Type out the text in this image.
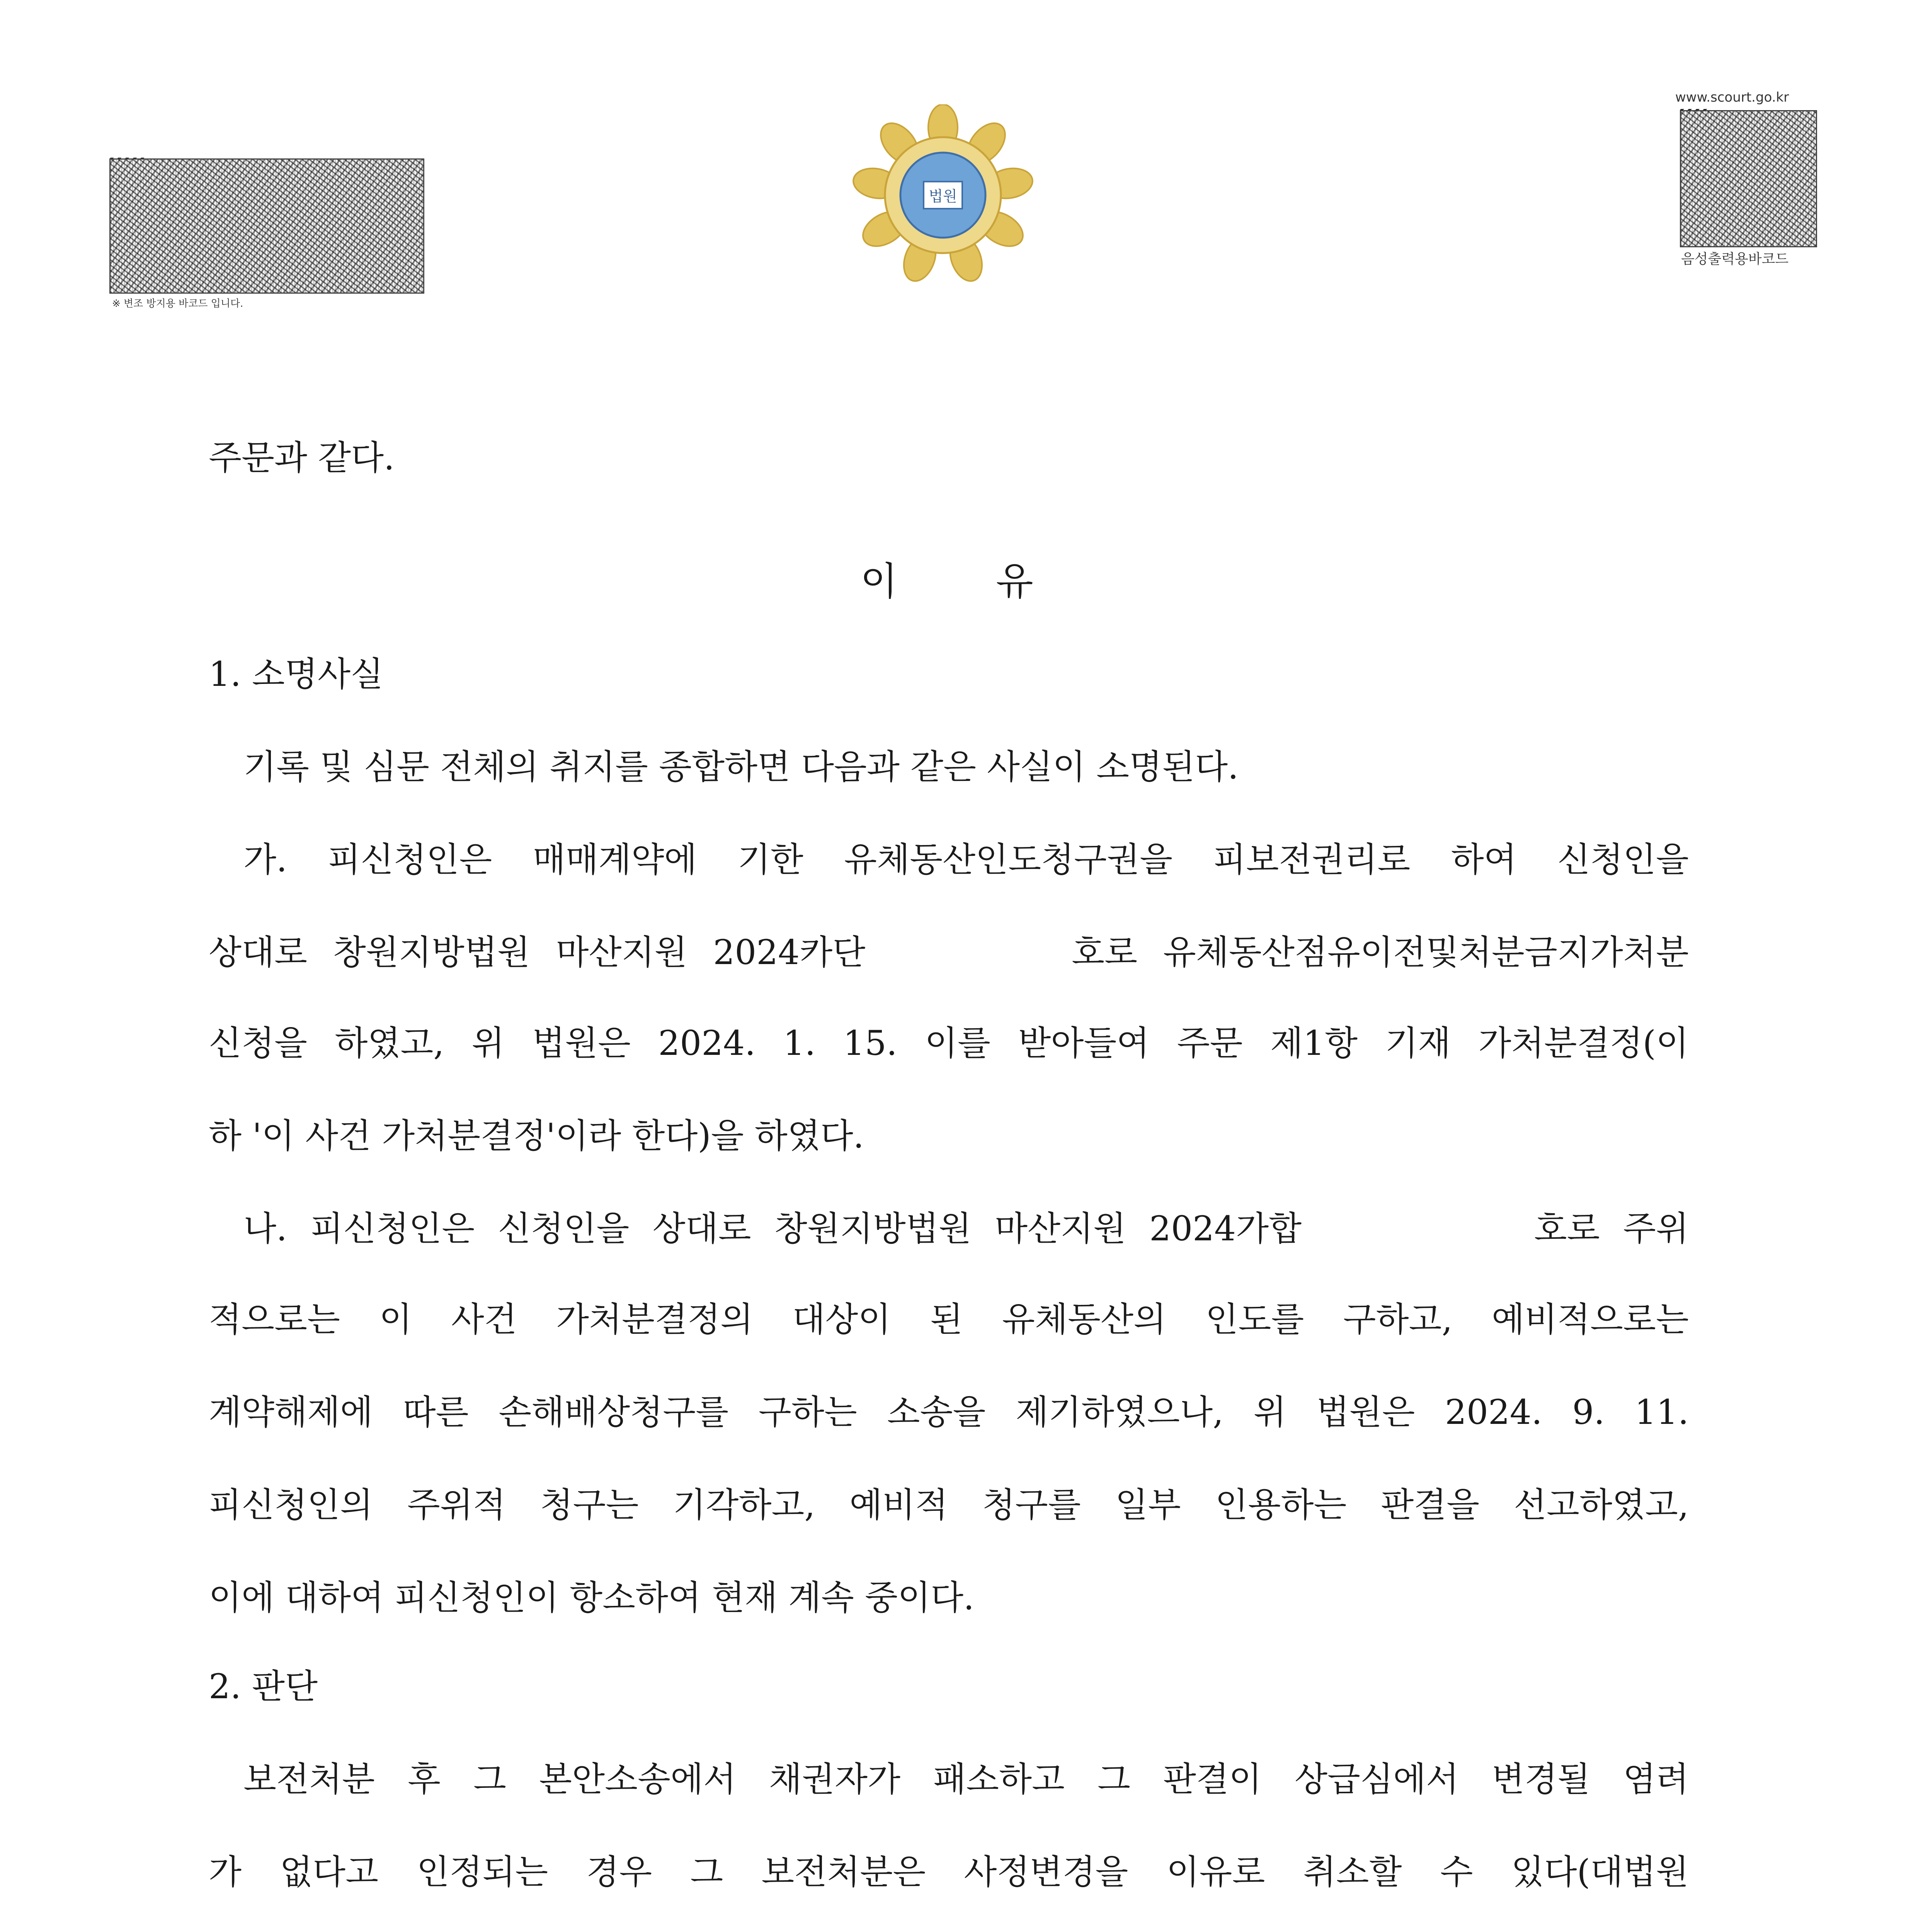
※ 변조 방지용 바코드 입니다.
법원
www.scourt.go.kr
음성출력용바코드
주문과 같다.
이        유
1. 소명사실
기록 및 심문 전체의 취지를 종합하면 다음과 같은 사실이 소명된다.
가. 피신청인은 매매계약에 기한 유체동산인도청구권을 피보전권리로 하여 신청인을
상대로 창원지방법원 마산지원 2024카단        호로 유체동산점유이전및처분금지가처분
신청을 하였고, 위 법원은 2024. 1. 15. 이를 받아들여 주문 제1항 기재 가처분결정(이
하 '이 사건 가처분결정'이라 한다)을 하였다.
나. 피신청인은 신청인을 상대로 창원지방법원 마산지원 2024가합          호로 주위
적으로는 이 사건 가처분결정의 대상이 된 유체동산의 인도를 구하고, 예비적으로는
계약해제에 따른 손해배상청구를 구하는 소송을 제기하였으나, 위 법원은 2024. 9. 11.
피신청인의 주위적 청구는 기각하고, 예비적 청구를 일부 인용하는 판결을 선고하였고,
이에 대하여 피신청인이 항소하여 현재 계속 중이다.
2. 판단
보전처분 후 그 본안소송에서 채권자가 패소하고 그 판결이 상급심에서 변경될 염려
가 없다고 인정되는 경우 그 보전처분은 사정변경을 이유로 취소할 수 있다(대법원
